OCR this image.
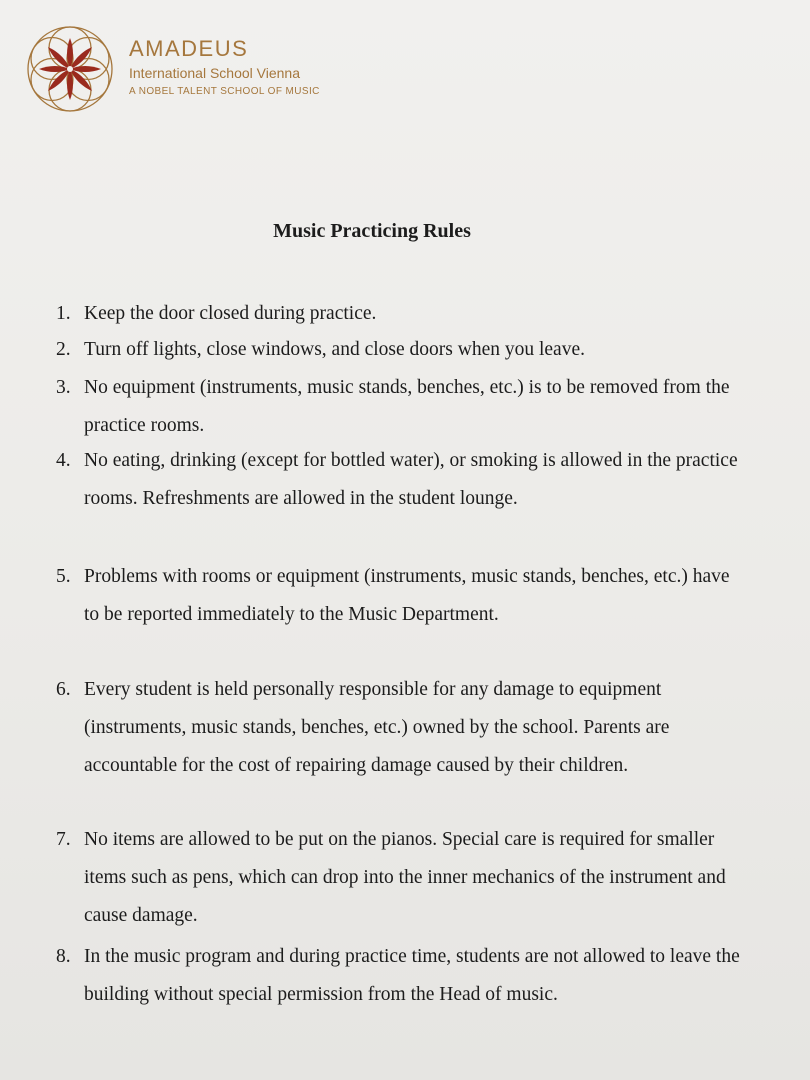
AMADEUS
International School Vienna
A NOBEL TALENT SCHOOL OF MUSIC
Music Practicing Rules
1. Keep the door closed during practice.
2. Turn off lights, close windows, and close doors when you leave.
3. No equipment (instruments, music stands, benches, etc.) is to be removed from the practice rooms.
4. No eating, drinking (except for bottled water), or smoking is allowed in the practice rooms. Refreshments are allowed in the student lounge.
5. Problems with rooms or equipment (instruments, music stands, benches, etc.) have to be reported immediately to the Music Department.
6. Every student is held personally responsible for any damage to equipment (instruments, music stands, benches, etc.) owned by the school. Parents are accountable for the cost of repairing damage caused by their children.
7. No items are allowed to be put on the pianos. Special care is required for smaller items such as pens, which can drop into the inner mechanics of the instrument and cause damage.
8. In the music program and during practice time, students are not allowed to leave the building without special permission from the Head of music.
